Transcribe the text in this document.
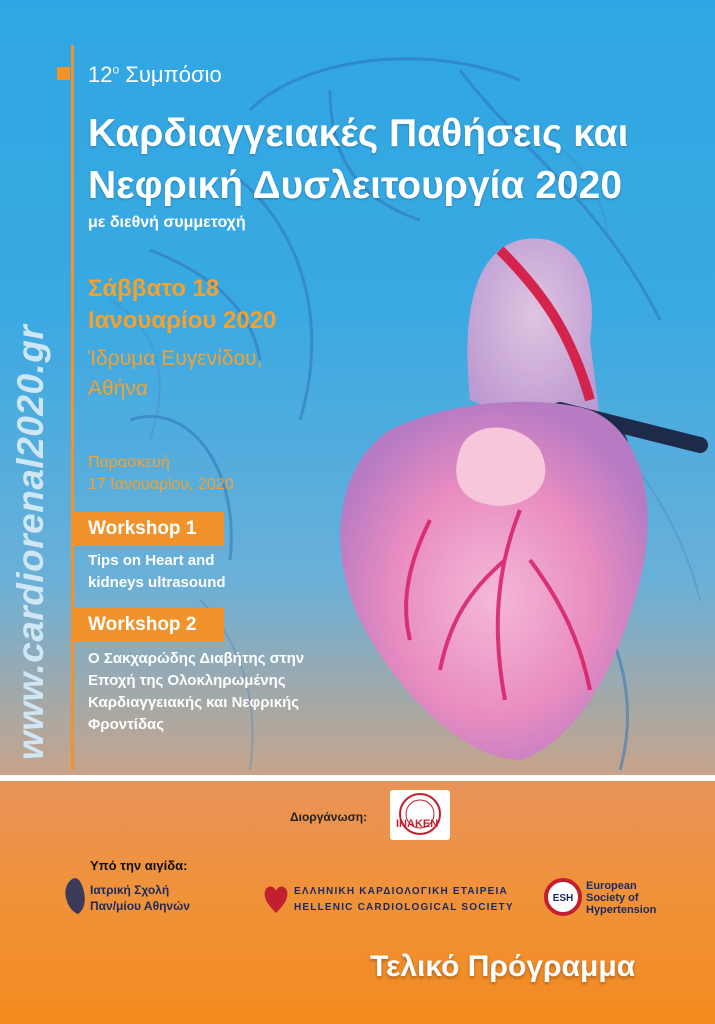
www.cardiorenal2020.gr

$12^o$ Συμπόσιο

Καρδιαγγειακές Παθήσεις και
Νεφρική Δυσλειτουργία 2020

με διεθνή συμμετοχή

Σάββατο 18
Ιανουαρίου 2020
Ίδρυμα Ευγενίδου,
Αθήνα
Παρασκευή
17 Ιανουαρίου, 2020
Workshop 1
Tips on Heart and
kidneys ultrasound
Workshop 2
Ο Σακχαρώδης Διαβήτης στην
Εποχή της Ολοκληρωμένης
Καρδιαγγειακής και Νεφρικής
Φροντίδας
Διοργάνωση:	INAKEN
Υπό την αιγίδα:
Ιατρική Σχολή
Παν/μίου Αθηνών
ΕΛΛΗΝΙΚΗ ΚΑΡΔΙΟΛΟΓΙΚΗ ΕΤΑΙΡΕΙΑ
HELLENIC CARDIOLOGICAL SOCIETY
ESH
European
Society of
Hypertension
Τελικό Πρόγραμμα
